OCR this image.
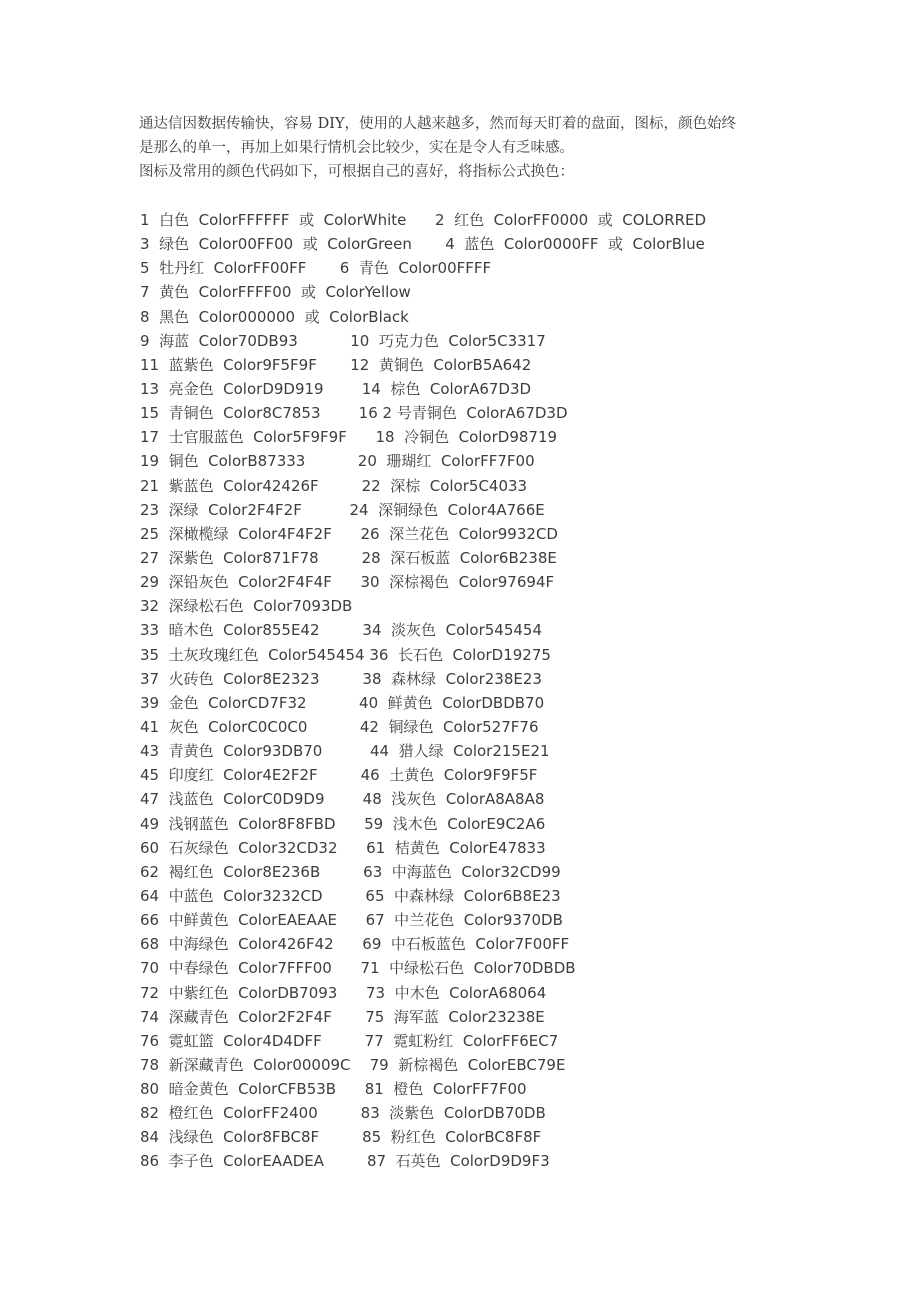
通达信因数据传输快，容易 DIY，使用的人越来越多，然而每天盯着的盘面，图标，颜色始终
是那么的单一，再加上如果行情机会比较少，实在是令人有乏味感。
图标及常用的颜色代码如下，可根据自己的喜好，将指标公式换色：
1  白色  ColorFFFFFF  或  ColorWhite      2  红色  ColorFF0000  或  COLORRED
3  绿色  Color00FF00  或  ColorGreen       4  蓝色  Color0000FF  或  ColorBlue
5  牡丹红  ColorFF00FF       6  青色  Color00FFFF
7  黄色  ColorFFFF00  或  ColorYellow
8  黑色  Color000000  或  ColorBlack
9  海蓝  Color70DB93           10  巧克力色  Color5C3317
11  蓝紫色  Color9F5F9F       12  黄铜色  ColorB5A642
13  亮金色  ColorD9D919        14  棕色  ColorA67D3D
15  青铜色  Color8C7853        16 2 号青铜色  ColorA67D3D
17  士官服蓝色  Color5F9F9F      18  冷铜色  ColorD98719
19  铜色  ColorB87333           20  珊瑚红  ColorFF7F00
21  紫蓝色  Color42426F         22  深棕  Color5C4033
23  深绿  Color2F4F2F          24  深铜绿色  Color4A766E
25  深橄榄绿  Color4F4F2F      26  深兰花色  Color9932CD
27  深紫色  Color871F78         28  深石板蓝  Color6B238E
29  深铅灰色  Color2F4F4F      30  深棕褐色  Color97694F
32  深绿松石色  Color7093DB
33  暗木色  Color855E42         34  淡灰色  Color545454
35  土灰玫瑰红色  Color545454 36  长石色  ColorD19275
37  火砖色  Color8E2323         38  森林绿  Color238E23
39  金色  ColorCD7F32           40  鲜黄色  ColorDBDB70
41  灰色  ColorC0C0C0           42  铜绿色  Color527F76
43  青黄色  Color93DB70          44  猎人绿  Color215E21
45  印度红  Color4E2F2F         46  土黄色  Color9F9F5F
47  浅蓝色  ColorC0D9D9        48  浅灰色  ColorA8A8A8
49  浅钢蓝色  Color8F8FBD      59  浅木色  ColorE9C2A6
60  石灰绿色  Color32CD32      61  桔黄色  ColorE47833
62  褐红色  Color8E236B         63  中海蓝色  Color32CD99
64  中蓝色  Color3232CD         65  中森林绿  Color6B8E23
66  中鲜黄色  ColorEAEAAE      67  中兰花色  Color9370DB
68  中海绿色  Color426F42      69  中石板蓝色  Color7F00FF
70  中春绿色  Color7FFF00      71  中绿松石色  Color70DBDB
72  中紫红色  ColorDB7093      73  中木色  ColorA68064
74  深藏青色  Color2F2F4F       75  海军蓝  Color23238E
76  霓虹篮  Color4D4DFF         77  霓虹粉红  ColorFF6EC7
78  新深藏青色  Color00009C    79  新棕褐色  ColorEBC79E
80  暗金黄色  ColorCFB53B      81  橙色  ColorFF7F00
82  橙红色  ColorFF2400         83  淡紫色  ColorDB70DB
84  浅绿色  Color8FBC8F         85  粉红色  ColorBC8F8F
86  李子色  ColorEAADEA         87  石英色  ColorD9D9F3
